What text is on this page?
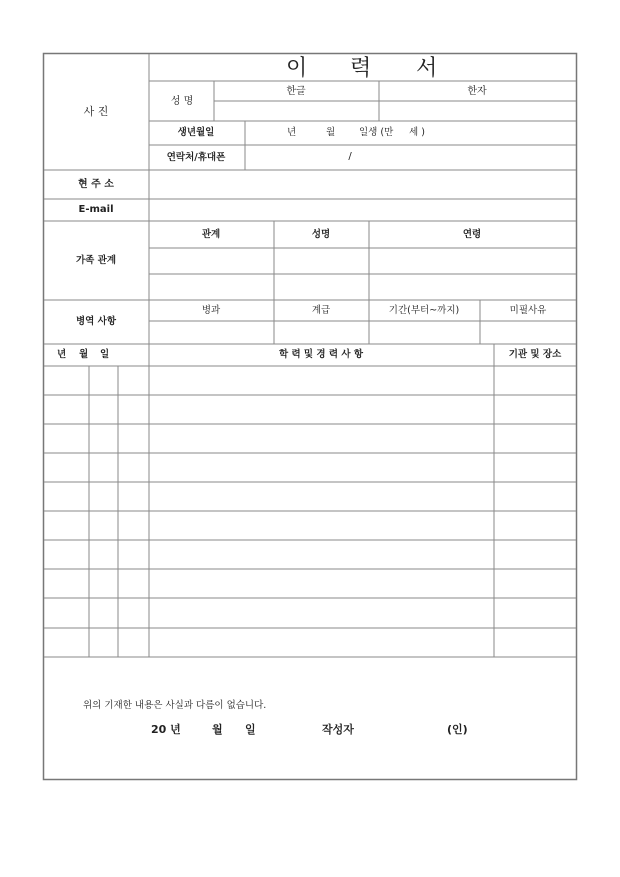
이 력 서
사 진
성 명
한글	한자
생년월일	년	월	일생 (만 세 )
연락처/휴대폰	/
현 주 소
E-mail
가족 관계
관계	성명	연령
병역 사항
병과	계급	기간(부터~까지)	미필사유
년 월 일	학 력 및 경 력 사 항	기관 및 장소
위의 기재한 내용은 사실과 다름이 없습니다.
20 년	월 일	작성자	(인)
